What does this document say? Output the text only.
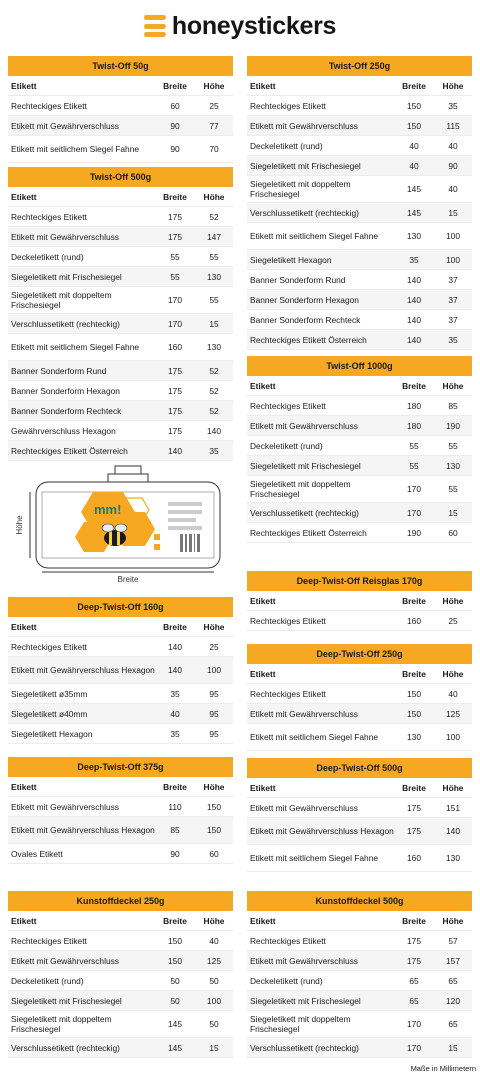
honeystickers
Twist-Off 50g
Etikett	Breite	Höhe
Rechteckiges Etikett	60	25
Etikett mit Gewährverschluss	90	77
Etikett mit seitlichem Siegel Fahne	90	70
Twist-Off 500g
Etikett	Breite	Höhe
Rechteckiges Etikett	175	52
Etikett mit Gewährverschluss	175	147
Deckeletikett (rund)	55	55
Siegeletikett mit Frischesiegel	55	130
Siegeletikett mit doppeltem Frischesiegel	170	55
Verschlussetikett (rechteckig)	170	15
Etikett mit seitlichem Siegel Fahne	160	130
Banner Sonderform Rund	175	52
Banner Sonderform Hexagon	175	52
Banner Sonderform Rechteck	175	52
Gewährverschluss Hexagon	175	140
Rechteckiges Etikett Österreich	140	35
mm!
Höhe
Breite
Deep-Twist-Off 160g
Etikett	Breite	Höhe
Rechteckiges Etikett	140	25
Etikett mit Gewährverschluss Hexagon	140	100
Siegeletikett ø35mm	35	95
Siegeletikett ø40mm	40	95
Siegeletikett Hexagon	35	95
Deep-Twist-Off 375g
Etikett	Breite	Höhe
Etikett mit Gewährverschluss	110	150
Etikett mit Gewährverschluss Hexagon	85	150
Ovales Etikett	90	60
Kunstoffdeckel 250g
Etikett	Breite	Höhe
Rechteckiges Etikett	150	40
Etikett mit Gewährverschluss	150	125
Deckeletikett (rund)	50	50
Siegeletikett mit Frischesiegel	50	100
Siegeletikett mit doppeltem Frischesiegel	145	50
Verschlussetikett (rechteckig)	145	15
Twist-Off 250g
Etikett	Breite	Höhe
Rechteckiges Etikett	150	35
Etikett mit Gewährverschluss	150	115
Deckeletikett (rund)	40	40
Siegeletikett mit Frischesiegel	40	90
Siegeletikett mit doppeltem Frischesiegel	145	40
Verschlussetikett (rechteckig)	145	15
Etikett mit seitlichem Siegel Fahne	130	100
Siegeletikett Hexagon	35	100
Banner Sonderform Rund	140	37
Banner Sonderform Hexagon	140	37
Banner Sonderform Rechteck	140	37
Rechteckiges Etikett Österreich	140	35
Twist-Off 1000g
Etikett	Breite	Höhe
Rechteckiges Etikett	180	85
Etikett mit Gewährverschluss	180	190
Deckeletikett (rund)	55	55
Siegeletikett mit Frischesiegel	55	130
Siegeletikett mit doppeltem Frischesiegel	170	55
Verschlussetikett (rechteckig)	170	15
Rechteckiges Etikett Österreich	190	60
Deep-Twist-Off Reisglas 170g
Etikett	Breite	Höhe
Rechteckiges Etikett	160	25
Deep-Twist-Off 250g
Etikett	Breite	Höhe
Rechteckiges Etikett	150	40
Etikett mit Gewährverschluss	150	125
Etikett mit seitlichem Siegel Fahne	130	100
Deep-Twist-Off 500g
Etikett	Breite	Höhe
Etikett mit Gewährverschluss	175	151
Etikett mit Gewährverschluss Hexagon	175	140
Etikett mit seitlichem Siegel Fahne	160	130
Kunstoffdeckel 500g
Etikett	Breite	Höhe
Rechteckiges Etikett	175	57
Etikett mit Gewährverschluss	175	157
Deckeletikett (rund)	65	65
Siegeletikett mit Frischesiegel	65	120
Siegeletikett mit doppeltem Frischesiegel	170	65
Verschlussetikett (rechteckig)	170	15
Maße in Millimetern
